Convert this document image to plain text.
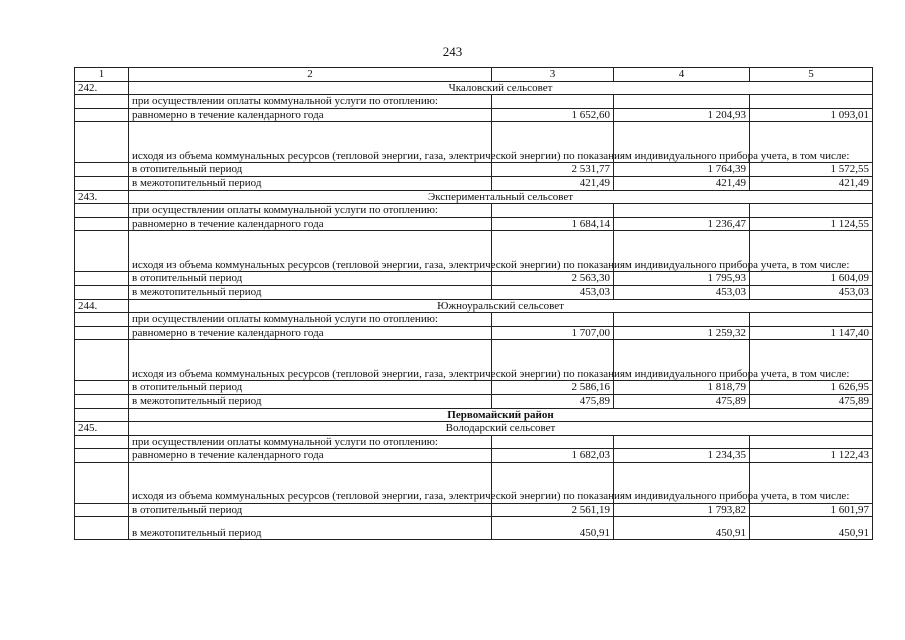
243
1	2	3	4	5
242.	Чкаловский сельсовет			
	при осуществлении оплаты коммунальной услуги по отоплению:			
	равномерно в течение календарного года	1 652,60	1 204,93	1 093,01
	исходя из объема коммунальных ресурсов (тепловой энергии, газа, электрической энергии) по показаниям индивидуального прибора учета, в том числе:			
	в отопительный период	2 531,77	1 764,39	1 572,55
	в межотопительный период	421,49	421,49	421,49
243.	Экспериментальный сельсовет			
	при осуществлении оплаты коммунальной услуги по отоплению:			
	равномерно в течение календарного года	1 684,14	1 236,47	1 124,55
	исходя из объема коммунальных ресурсов (тепловой энергии, газа, электрической энергии) по показаниям индивидуального прибора учета, в том числе:			
	в отопительный период	2 563,30	1 795,93	1 604,09
	в межотопительный период	453,03	453,03	453,03
244.	Южноуральский сельсовет			
	при осуществлении оплаты коммунальной услуги по отоплению:			
	равномерно в течение календарного года	1 707,00	1 259,32	1 147,40
	исходя из объема коммунальных ресурсов (тепловой энергии, газа, электрической энергии) по показаниям индивидуального прибора учета, в том числе:			
	в отопительный период	2 586,16	1 818,79	1 626,95
	в межотопительный период	475,89	475,89	475,89
	Первомайский район			
245.	Володарский сельсовет			
	при осуществлении оплаты коммунальной услуги по отоплению:			
	равномерно в течение календарного года	1 682,03	1 234,35	1 122,43
	исходя из объема коммунальных ресурсов (тепловой энергии, газа, электрической энергии) по показаниям индивидуального прибора учета, в том числе:			
	в отопительный период	2 561,19	1 793,82	1 601,97
	в межотопительный период	450,91	450,91	450,91
